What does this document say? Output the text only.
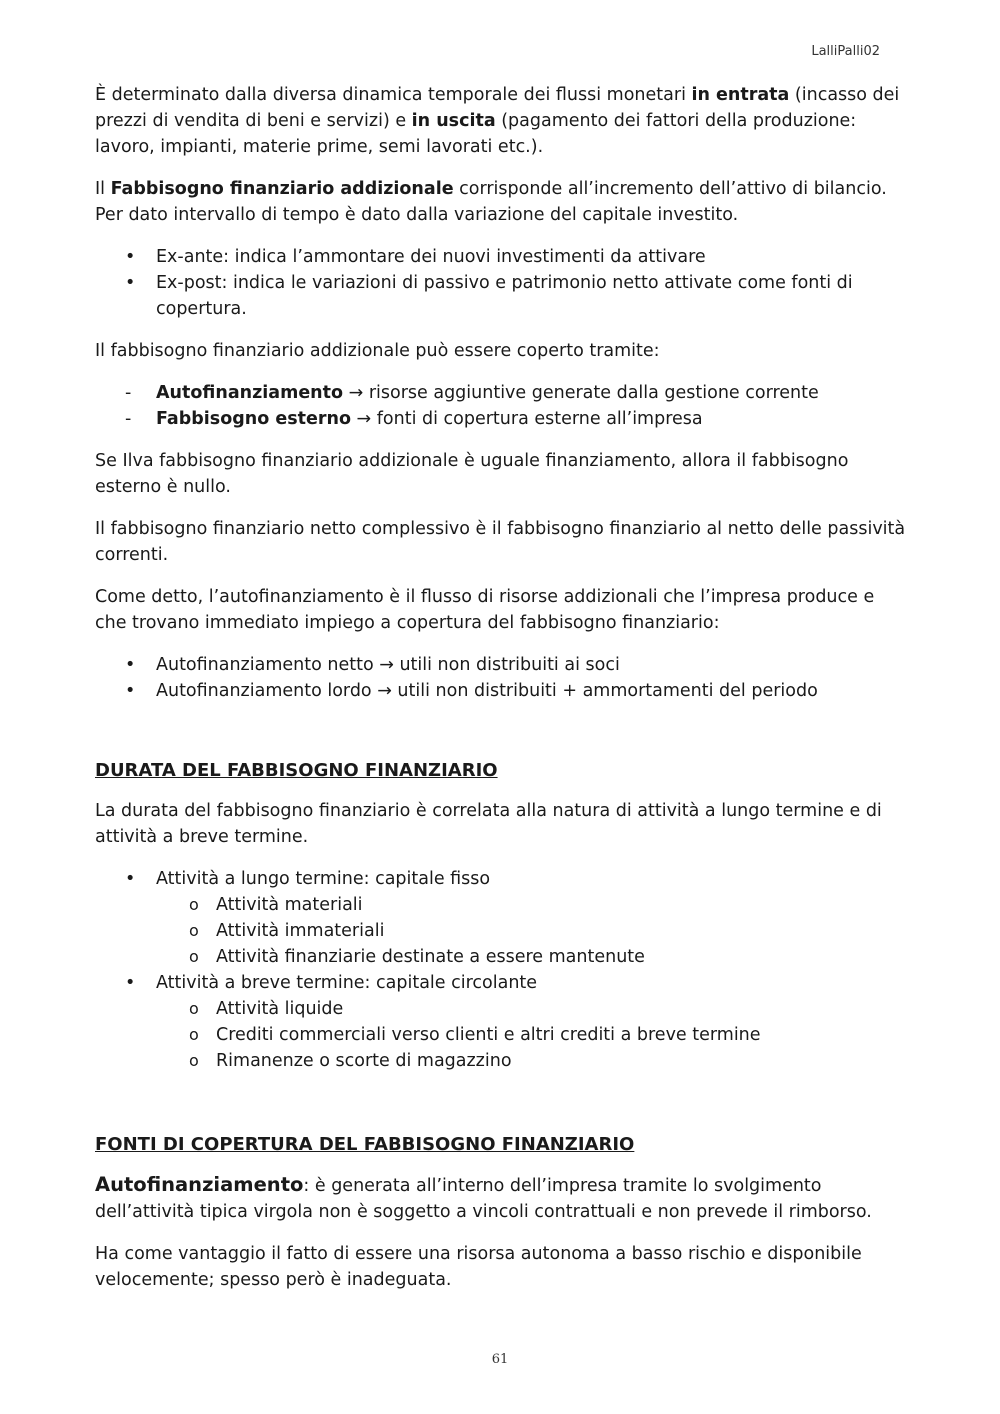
LalliPalli02

È determinato dalla diversa dinamica temporale dei flussi monetari in entrata (incasso dei prezzi di vendita di beni e servizi) e in uscita (pagamento dei fattori della produzione: lavoro, impianti, materie prime, semi lavorati etc.).

Il Fabbisogno finanziario addizionale corrisponde all’incremento dell’attivo di bilancio. Per dato intervallo di tempo è dato dalla variazione del capitale investito.

• Ex-ante: indica l’ammontare dei nuovi investimenti da attivare
• Ex-post: indica le variazioni di passivo e patrimonio netto attivate come fonti di copertura.

Il fabbisogno finanziario addizionale può essere coperto tramite:

- Autofinanziamento → risorse aggiuntive generate dalla gestione corrente
- Fabbisogno esterno → fonti di copertura esterne all’impresa

Se Ilva fabbisogno finanziario addizionale è uguale finanziamento, allora il fabbisogno esterno è nullo.

Il fabbisogno finanziario netto complessivo è il fabbisogno finanziario al netto delle passività correnti.

Come detto, l’autofinanziamento è il flusso di risorse addizionali che l’impresa produce e che trovano immediato impiego a copertura del fabbisogno finanziario:

• Autofinanziamento netto → utili non distribuiti ai soci
• Autofinanziamento lordo → utili non distribuiti + ammortamenti del periodo
DURATA DEL FABBISOGNO FINANZIARIO

La durata del fabbisogno finanziario è correlata alla natura di attività a lungo termine e di attività a breve termine.

• Attività a lungo termine: capitale fisso
o Attività materiali
o Attività immateriali
o Attività finanziarie destinate a essere mantenute
• Attività a breve termine: capitale circolante
o Attività liquide
o Crediti commerciali verso clienti e altri crediti a breve termine
o Rimanenze o scorte di magazzino
FONTI DI COPERTURA DEL FABBISOGNO FINANZIARIO

Autofinanziamento: è generata all’interno dell’impresa tramite lo svolgimento dell’attività tipica virgola non è soggetto a vincoli contrattuali e non prevede il rimborso.

Ha come vantaggio il fatto di essere una risorsa autonoma a basso rischio e disponibile velocemente; spesso però è inadeguata.

61
